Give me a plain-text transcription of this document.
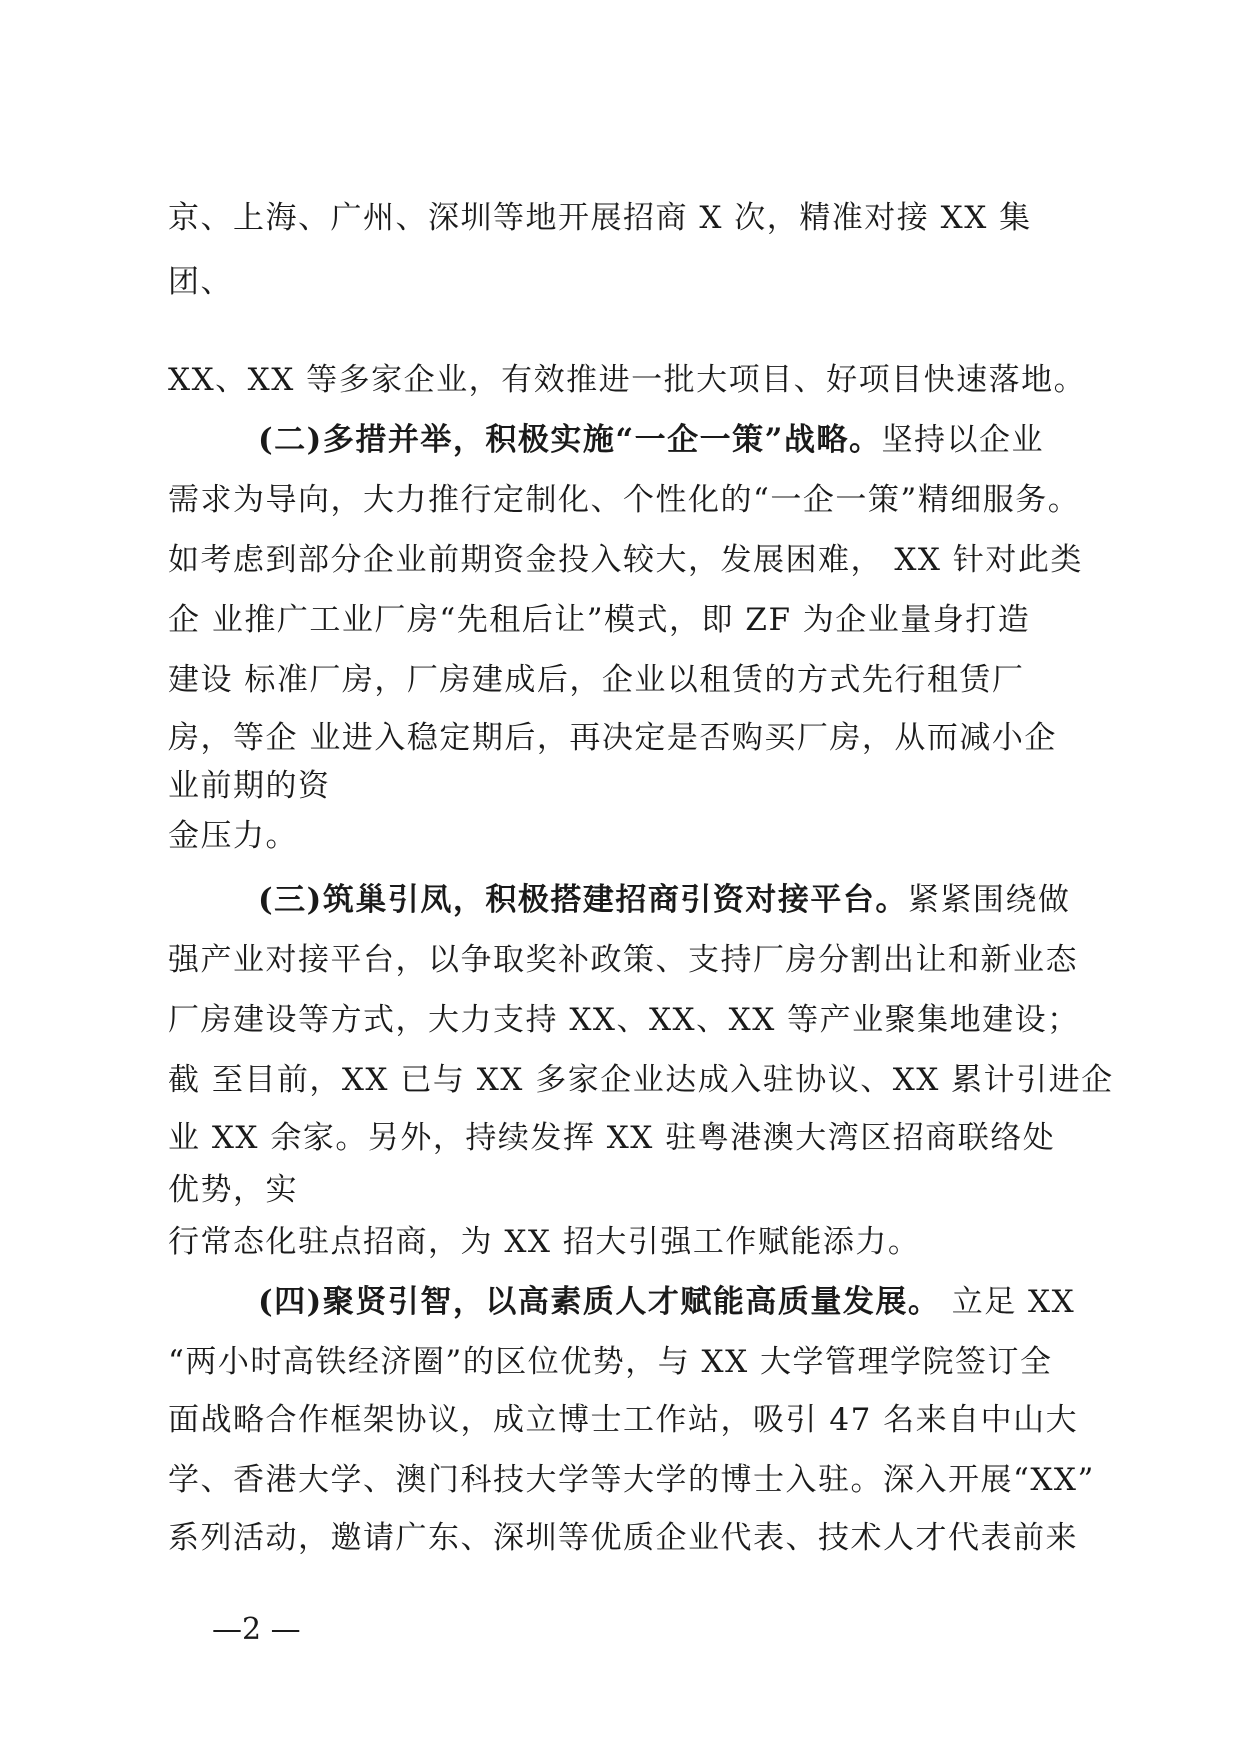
京、上海、广州、深圳等地开展招商 X 次，精准对接 XX 集
团、
XX、XX 等多家企业，有效推进一批大项目、好项目快速落地。
(二)多措并举，积极实施“一企一策”战略。坚持以企业
需求为导向，大力推行定制化、个性化的“一企一策”精细服务。
如考虑到部分企业前期资金投入较大，发展困难， XX 针对此类
企 业推广工业厂房“先租后让”模式，即 ZF 为企业量身打造
建设 标准厂房，厂房建成后，企业以租赁的方式先行租赁厂
房，等企 业进入稳定期后，再决定是否购买厂房，从而减小企
业前期的资
金压力。
(三)筑巢引凤，积极搭建招商引资对接平台。紧紧围绕做
强产业对接平台，以争取奖补政策、支持厂房分割出让和新业态
厂房建设等方式，大力支持 XX、XX、XX 等产业聚集地建设；
截 至目前，XX 已与 XX 多家企业达成入驻协议、XX 累计引进企
业 XX 余家。另外，持续发挥 XX 驻粤港澳大湾区招商联络处
优势，实
行常态化驻点招商，为 XX 招大引强工作赋能添力。
(四)聚贤引智，以高素质人才赋能高质量发展。 立足 XX
“两小时高铁经济圈”的区位优势，与 XX 大学管理学院签订全
面战略合作框架协议，成立博士工作站，吸引 47 名来自中山大
学、香港大学、澳门科技大学等大学的博士入驻。深入开展“XX”
系列活动，邀请广东、深圳等优质企业代表、技术人才代表前来
—2 —
